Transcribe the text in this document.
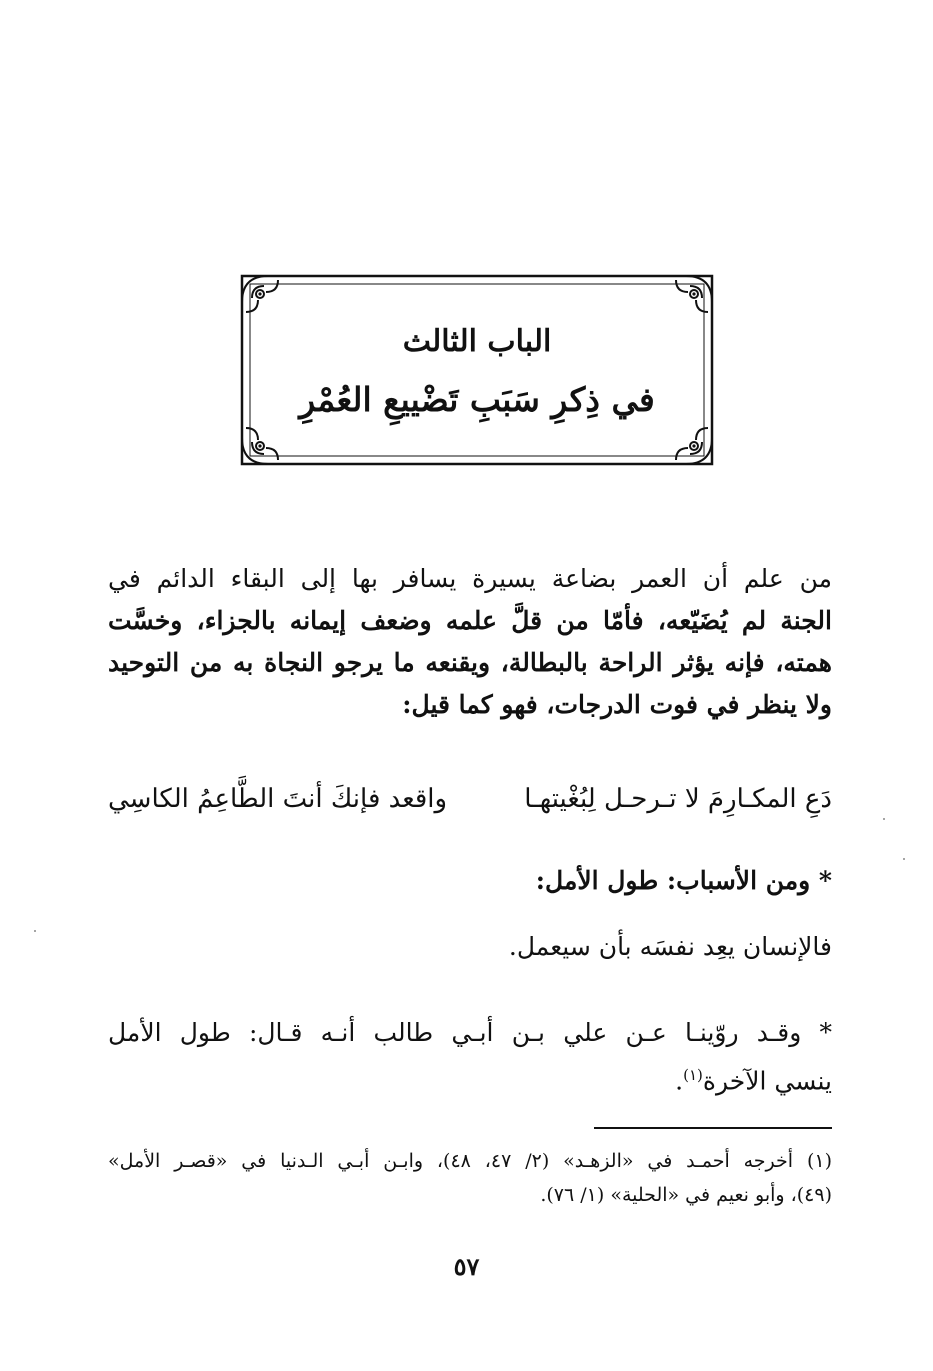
الباب الثالث
في ذِكرِ سَبَبِ تَضْييعِ العُمْرِ
من علم أن العمر بضاعة يسيرة يسافر بها إلى البقاء الدائم في
الجنة لم يُضَيّعه، فأمّا من قلَّ علمه وضعف إيمانه بالجزاء، وخسَّت
همته، فإنه يؤثر الراحة بالبطالة، ويقنعه ما يرجو النجاة به من التوحيد
ولا ينظر في فوت الدرجات، فهو كما قيل:
دَعِ المكـارِمَ لا تـرحـل لِبُغْيتهـا
واقعد فإنكَ أنتَ الطَّاعِمُ الكاسِي
* ومن الأسباب: طول الأمل:
فالإنسان يعِد نفسَه بأن سيعمل.
* وقـد روّينـا عـن علي بـن أبـي طالب أنـه قـال: طول الأمل
ينسي الآخرة$^{(١)}$.
(١) أخرجه أحمـد في «الزهـد» (٢/ ٤٧، ٤٨)، وابـن أبـي الـدنيا في «قصـر الأمل»
(٤٩)، وأبو نعيم في «الحلية» (١/ ٧٦).
٥٧
